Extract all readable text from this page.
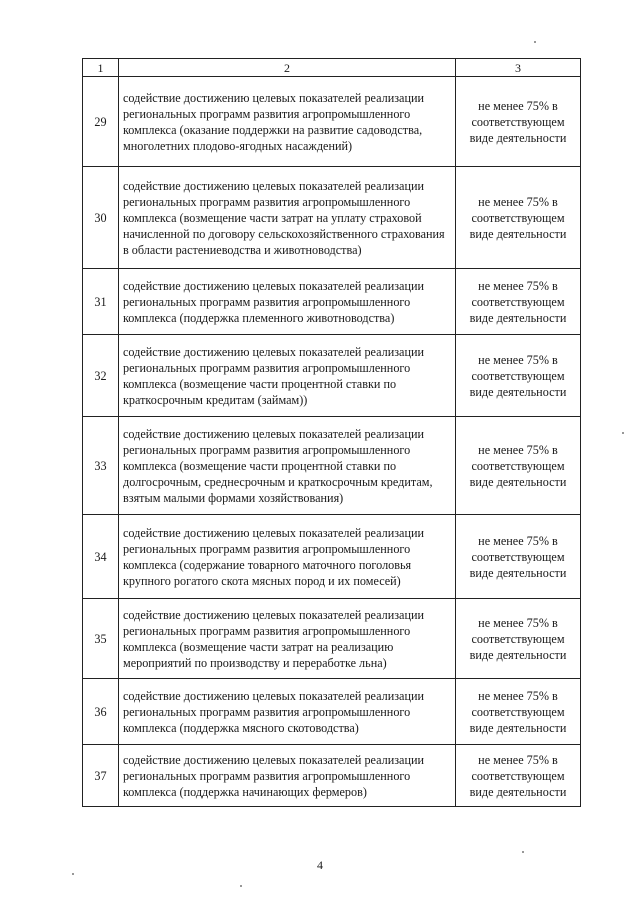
1	2	3
29	содействие достижению целевых показателей реализации региональных программ развития агропромышленного комплекса (оказание поддержки на развитие садоводства, многолетних плодово-ягодных насаждений)	не менее 75% в соответствующем виде деятельности
30	содействие достижению целевых показателей реализации региональных программ развития агропромышленного комплекса (возмещение части затрат на уплату страховой начисленной по договору сельскохозяйственного страхования в области растениеводства и животноводства)	не менее 75% в соответствующем виде деятельности
31	содействие достижению целевых показателей реализации региональных программ развития агропромышленного комплекса (поддержка племенного животноводства)	не менее 75% в соответствующем виде деятельности
32	содействие достижению целевых показателей реализации региональных программ развития агропромышленного комплекса (возмещение части процентной ставки по краткосрочным кредитам (займам))	не менее 75% в соответствующем виде деятельности
33	содействие достижению целевых показателей реализации региональных программ развития агропромышленного комплекса (возмещение части процентной ставки по долгосрочным, среднесрочным и краткосрочным кредитам, взятым малыми формами хозяйствования)	не менее 75% в соответствующем виде деятельности
34	содействие достижению целевых показателей реализации региональных программ развития агропромышленного комплекса (содержание товарного маточного поголовья крупного рогатого скота мясных пород и их помесей)	не менее 75% в соответствующем виде деятельности
35	содействие достижению целевых показателей реализации региональных программ развития агропромышленного комплекса (возмещение части затрат на реализацию мероприятий по производству и переработке льна)	не менее 75% в соответствующем виде деятельности
36	содействие достижению целевых показателей реализации региональных программ развития агропромышленного комплекса (поддержка мясного скотоводства)	не менее 75% в соответствующем виде деятельности
37	содействие достижению целевых показателей реализации региональных программ развития агропромышленного комплекса (поддержка начинающих фермеров)	не менее 75% в соответствующем виде деятельности
4
